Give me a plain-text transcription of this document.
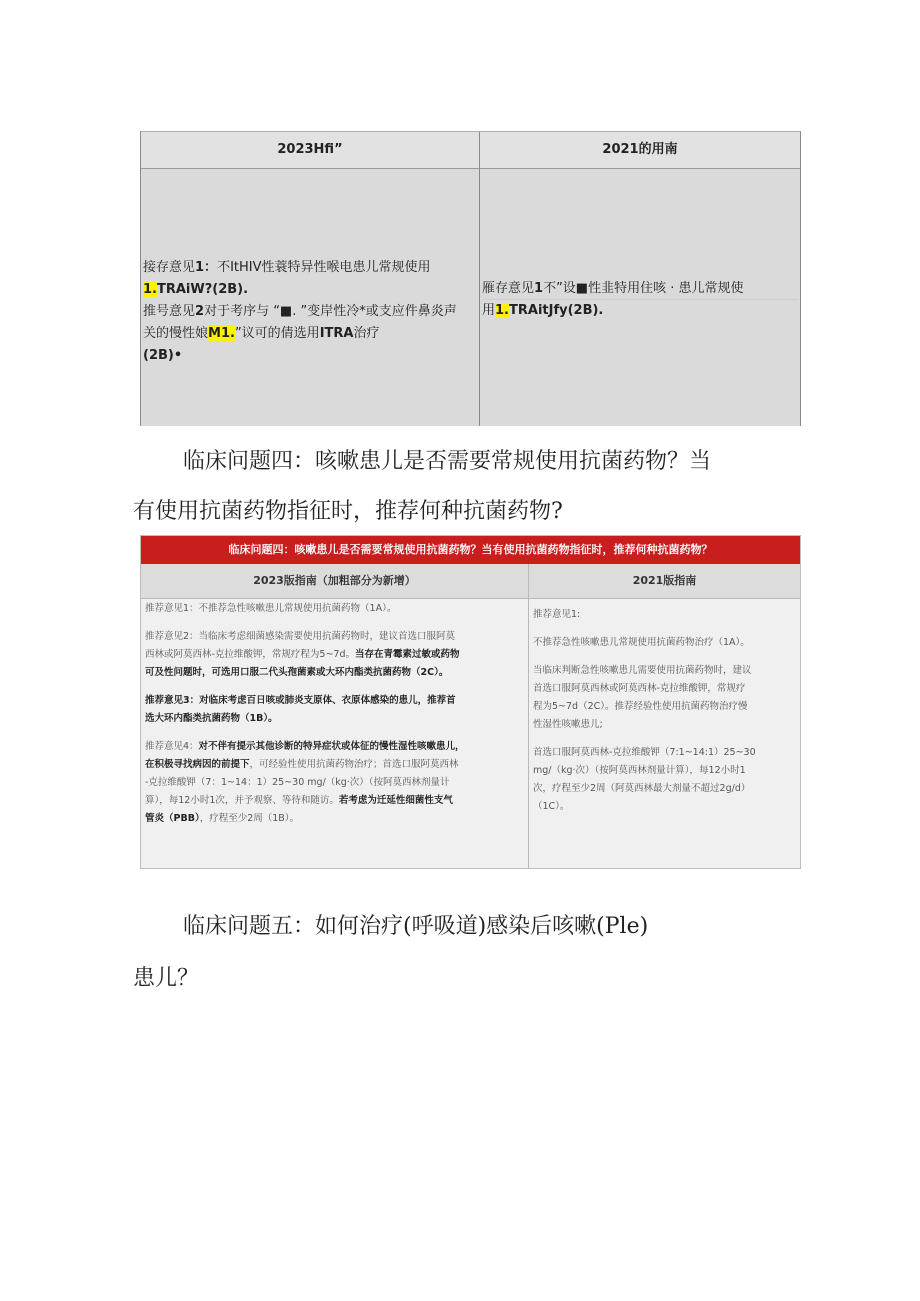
2023Hfi”	2021的用南
接存意见1：不ItHIV性蓑特异性喉电患儿常规使用
1.TRAiW?(2B).
推号意见2对于考序与 “■. ”变岸性冷*或支应件鼻炎声
关的慢性娘M1.”议可的倩选用ITRA治疗
(2B)•
雁存意见1不”设■性韭特用住咳 · 患儿常规使
用1.TRAitJfy(2B).
临床问题四：咳嗽患儿是否需要常规使用抗菌药物？当
有使用抗菌药物指征时，推荐何种抗菌药物?
临床问题四：咳嗽患儿是否需要常规使用抗菌药物？当有使用抗菌药物指征时，推荐何种抗菌药物？
2023版指南（加粗部分为新增）	2021版指南
推荐意见1：不推荐急性咳嗽患儿常规使用抗菌药物（1A）。
推荐意见2：当临床考虑细菌感染需要使用抗菌药物时，建议首选口服阿莫
西林或阿莫西林-克拉维酸钾，常规疗程为5~7d。当存在青霉素过敏或药物
可及性问题时，可选用口服二代头孢菌素或大环内酯类抗菌药物（2C）。
推荐意见3：对临床考虑百日咳或肺炎支原体、衣原体感染的患儿，推荐首
选大环内酯类抗菌药物（1B）。
推荐意见4：对不伴有提示其他诊断的特异症状或体征的慢性湿性咳嗽患儿，
在积极寻找病因的前提下，可经验性使用抗菌药物治疗；首选口服阿莫西林
-克拉维酸钾（7：1~14：1）25~30 mg/（kg·次）（按阿莫西林剂量计
算），每12小时1次，并予观察、等待和随访。若考虑为迁延性细菌性支气
管炎（PBB），疗程至少2周（1B）。
推荐意见1:
不推荐急性咳嗽患儿常规使用抗菌药物治疗（1A）。
当临床判断急性咳嗽患儿需要使用抗菌药物时，建议
首选口服阿莫西林或阿莫西林-克拉维酸钾，常规疗
程为5~7d（2C）。推荐经验性使用抗菌药物治疗慢
性湿性咳嗽患儿;
首选口服阿莫西林-克拉维酸钾（7:1~14:1）25~30
mg/（kg·次）（按阿莫西林剂量计算），每12小时1
次，疗程至少2周（阿莫西林最大剂量不超过2g/d）
（1C）。
临床问题五：如何治疗(呼吸道)感染后咳嗽(Ple)
患儿？
